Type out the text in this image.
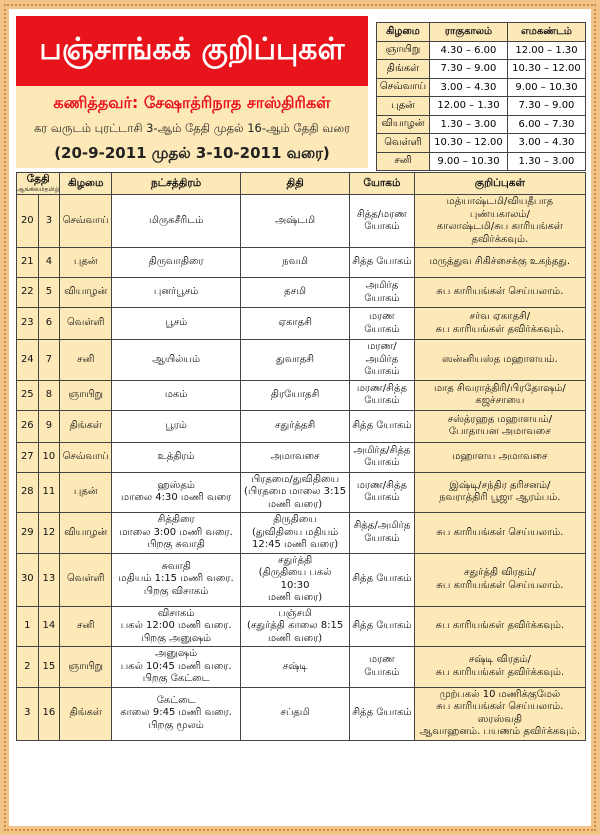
பஞ்சாங்கக் குறிப்புகள்
கணித்தவர்: சேஷாத்ரிநாத சாஸ்திரிகள்
கர வருடம் புரட்டாசி 3-ஆம் தேதி முதல் 16-ஆம் தேதி வரை
(20-9-2011 முதல் 3-10-2011 வரை)
கிழமை	ராகுகாலம்	எமகண்டம்
ஞாயிறு	4.30 – 6.00	12.00 – 1.30
திங்கள்	7.30 – 9.00	10.30 – 12.00
செவ்வாய்	3.00 – 4.30	9.00 – 10.30
புதன்	12.00 – 1.30	7.30 – 9.00
வியாழன்	1.30 – 3.00	6.00 – 7.30
வெள்ளி	10.30 – 12.00	3.00 – 4.30
சனி	9.00 – 10.30	1.30 – 3.00
தேதி
ஆங்கிலம் தமிழ்		கிழமை	நட்சத்திரம்	திதி	யோகம்	குறிப்புகள்
20	3	செவ்வாய்	மிருகசீரிடம்	அஷ்டமி	சித்த/மரண
யோகம்	மத்யாஷ்டமி/வியதீபாத புண்யகாலம்/
காலாஷ்டமி/சுப காரியங்கள் தவிர்க்கவும்.
21	4	புதன்	திருவாதிரை	நவமி	சித்த யோகம்	மருத்துவ சிகிச்சைக்கு உகந்தது.
22	5	வியாழன்	புனர்பூசம்	தசமி	அமிர்த
யோகம்	சுப காரியங்கள் செய்யலாம்.
23	6	வெள்ளி	பூசம்	ஏகாதசி	மரண யோகம்	சர்வ ஏகாதசி/
சுப காரியங்கள் தவிர்க்கவும்.
24	7	சனி	ஆயில்யம்	துவாதசி	மரண/அமிர்த
யோகம்	ஸன்னியஸ்த மஹாளயம்.
25	8	ஞாயிறு	மகம்	திரயோதசி	மரண/சித்த
யோகம்	மாத சிவராத்திரி/பிரதோஷம்/கஜச்சாயை
26	9	திங்கள்	பூரம்	சதுர்த்தசி	சித்த யோகம்	சஸ்த்ரஹத மஹாளயம்/
போதாயன அமாவசை
27	10	செவ்வாய்	உத்திரம்	அமாவசை	அமிர்த/சித்த
யோகம்	மஹாளய அமாவசை
28	11	புதன்	ஹஸ்தம்
மாலை 4:30 மணி வரை	பிரதமை/துவிதியை
(பிரதமை மாலை 3:15
மணி வரை)	மரண/சித்த
யோகம்	இஷ்டி/சந்திர தரிசனம்/
நவராத்திரி பூஜா ஆரம்பம்.
29	12	வியாழன்	சித்திரை
மாலை 3:00 மணி வரை.
பிறகு சுவாதி	திருதியை
(துவிதியை மதியம்
12:45 மணி வரை)	சித்த/அமிர்த
யோகம்	சுப காரியங்கள் செய்யலாம்.
30	13	வெள்ளி	சுவாதி
மதியம் 1:15 மணி வரை.
பிறகு விசாகம்	சதுர்த்தி
(திருதியை பகல் 10:30
மணி வரை)	சித்த யோகம்	சதுர்த்தி விரதம்/
சுப காரியங்கள் செய்யலாம்.
1	14	சனி	விசாகம்
பகல் 12:00 மணி வரை.
பிறகு அனுஷம்	பஞ்சமி
(சதுர்த்தி காலை 8:15
மணி வரை)	சித்த யோகம்	சுப காரியங்கள் தவிர்க்கவும்.
2	15	ஞாயிறு	அனுஷம்
பகல் 10:45 மணி வரை.
பிறகு கேட்டை	சஷ்டி	மரண யோகம்	சஷ்டி விரதம்/
சுப காரியங்கள் தவிர்க்கவும்.
3	16	திங்கள்	கேட்டை
காலை 9:45 மணி வரை.
பிறகு மூலம்	சப்தமி	சித்த யோகம்	முற்பகல் 10 மணிக்குமேல்
சுப காரியங்கள் செய்யலாம். ஸரஸ்வதி
ஆவாஹனம். பயணம் தவிர்க்கவும்.
